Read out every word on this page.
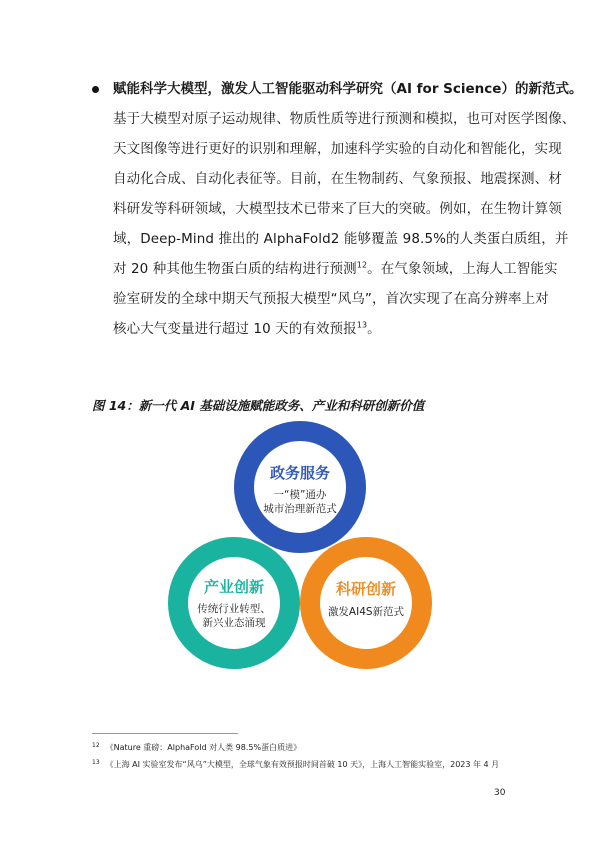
赋能科学大模型，激发人工智能驱动科学研究（AI for Science）的新范式。
基于大模型对原子运动规律、物质性质等进行预测和模拟，也可对医学图像、
天文图像等进行更好的识别和理解，加速科学实验的自动化和智能化，实现
自动化合成、自动化表征等。目前，在生物制药、气象预报、地震探测、材
料研发等科研领域，大模型技术已带来了巨大的突破。例如，在生物计算领
域，Deep-Mind 推出的 AlphaFold2 能够覆盖 98.5%的人类蛋白质组，并
对 20 种其他生物蛋白质的结构进行预测$^{12}$。在气象领域，上海人工智能实
验室研发的全球中期天气预报大模型“风乌”，首次实现了在高分辨率上对
核心大气变量进行超过 10 天的有效预报$^{13}$。
图 14：新一代 AI 基础设施赋能政务、产业和科研创新价值
政务服务
一“模”通办
城市治理新范式
产业创新
传统行业转型、
新兴业态涌现
科研创新
激发AI4S新范式
$^{12}$ 《Nature 重磅：AlphaFold 对人类 98.5%蛋白质进》
$^{13}$ 《上海 AI 实验室发布“风乌”大模型，全球气象有效预报时间首破 10 天》，上海人工智能实验室，2023 年 4 月
30
